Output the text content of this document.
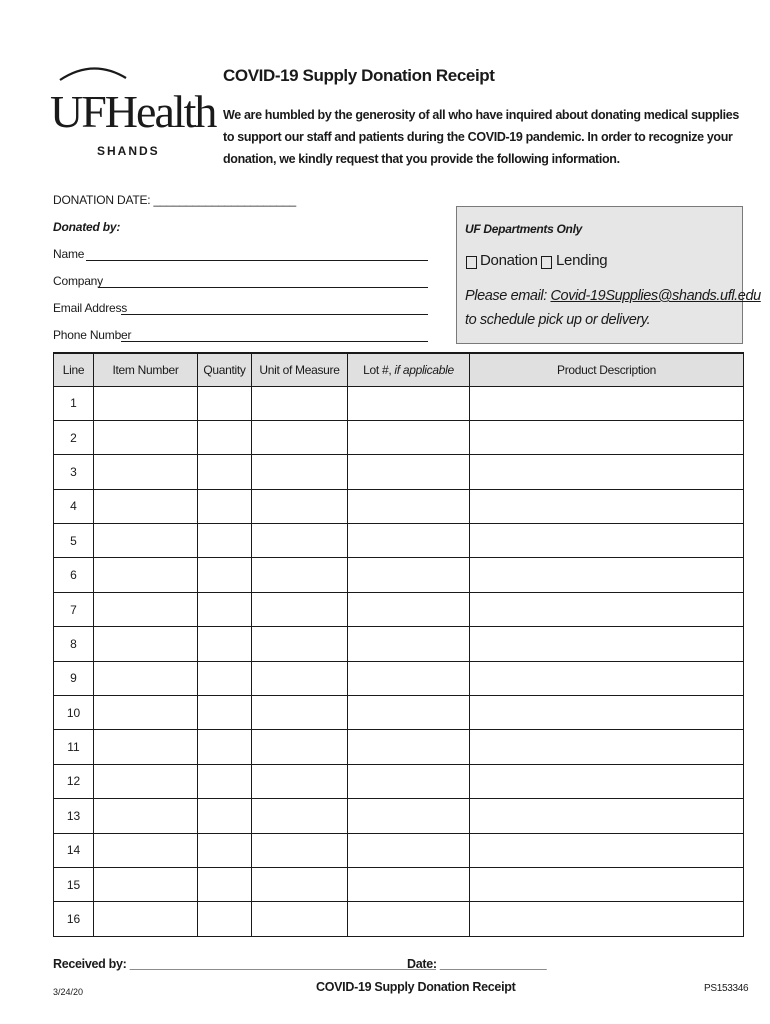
UFHealth
SHANDS
COVID-19 Supply Donation Receipt
We are humbled by the generosity of all who have inquired about donating medical supplies to support our staff and patients during the COVID-19 pandemic. In order to recognize your donation, we kindly request that you provide the following information.
DONATION DATE: ______________________
Donated by:
Name
Company
Email Address
Phone Number
UF Departments Only
Donation Lending
Please email: Covid-19Supplies@shands.ufl.edu
to schedule pick up or delivery.
Line	Item Number	Quantity	Unit of Measure	Lot #, if applicable	Product Description
1					
2					
3					
4					
5					
6					
7					
8					
9					
10					
11					
12					
13					
14					
15					
16					
Received by: ______________________________________________
Date: ________________
3/24/20	COVID-19 Supply Donation Receipt	PS153346
